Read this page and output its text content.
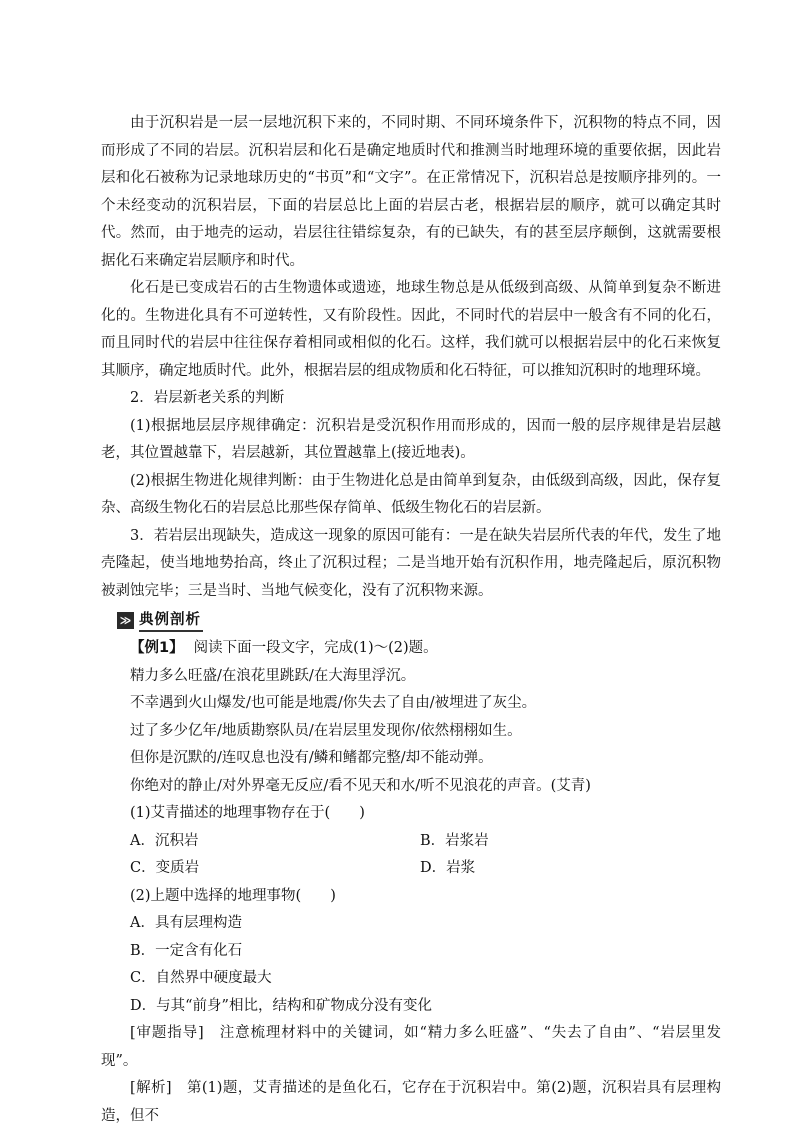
由于沉积岩是一层一层地沉积下来的，不同时期、不同环境条件下，沉积物的特点不同，因而形成了不同的岩层。沉积岩层和化石是确定地质时代和推测当时地理环境的重要依据，因此岩层和化石被称为记录地球历史的“书页”和“文字”。在正常情况下，沉积岩总是按顺序排列的。一个未经变动的沉积岩层，下面的岩层总比上面的岩层古老，根据岩层的顺序，就可以确定其时代。然而，由于地壳的运动，岩层往往错综复杂，有的已缺失，有的甚至层序颠倒，这就需要根据化石来确定岩层顺序和时代。

化石是已变成岩石的古生物遗体或遗迹，地球生物总是从低级到高级、从简单到复杂不断进化的。生物进化具有不可逆转性，又有阶段性。因此，不同时代的岩层中一般含有不同的化石，而且同时代的岩层中往往保存着相同或相似的化石。这样，我们就可以根据岩层中的化石来恢复其顺序，确定地质时代。此外，根据岩层的组成物质和化石特征，可以推知沉积时的地理环境。

2．岩层新老关系的判断

(1)根据地层层序规律确定：沉积岩是受沉积作用而形成的，因而一般的层序规律是岩层越老，其位置越靠下，岩层越新，其位置越靠上(接近地表)。

(2)根据生物进化规律判断：由于生物进化总是由简单到复杂，由低级到高级，因此，保存复杂、高级生物化石的岩层总比那些保存简单、低级生物化石的岩层新。

3．若岩层出现缺失，造成这一现象的原因可能有：一是在缺失岩层所代表的年代，发生了地壳隆起，使当地地势抬高，终止了沉积过程；二是当地开始有沉积作用，地壳隆起后，原沉积物被剥蚀完毕；三是当时、当地气候变化，没有了沉积物来源。

≫ 典例剖析

【例1】 阅读下面一段文字，完成(1)～(2)题。

精力多么旺盛/在浪花里跳跃/在大海里浮沉。

不幸遇到火山爆发/也可能是地震/你失去了自由/被埋进了灰尘。

过了多少亿年/地质勘察队员/在岩层里发现你/依然栩栩如生。

但你是沉默的/连叹息也没有/鳞和鳍都完整/却不能动弹。

你绝对的静止/对外界毫无反应/看不见天和水/听不见浪花的声音。(艾青)

(1)艾青描述的地理事物存在于(　　)

A．沉积岩	B．岩浆岩

C．变质岩	D．岩浆

(2)上题中选择的地理事物(　　)

A．具有层理构造

B．一定含有化石

C．自然界中硬度最大

D．与其“前身”相比，结构和矿物成分没有变化

[审题指导]　注意梳理材料中的关键词，如“精力多么旺盛”、“失去了自由”、“岩层里发现”。

[解析]　第(1)题，艾青描述的是鱼化石，它存在于沉积岩中。第(2)题，沉积岩具有层理构造，但不
